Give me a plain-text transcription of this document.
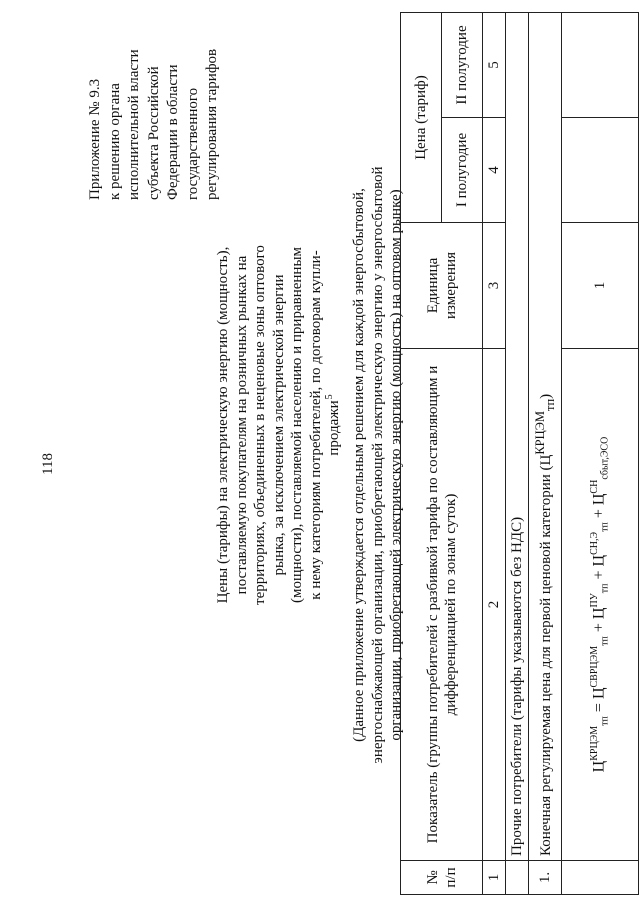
118
Приложение № 9.3
к решению органа
исполнительной власти
субъекта Российской
Федерации в области
государственного
регулирования тарифов
Цены (тарифы) на электрическую энергию (мощность), поставляемую покупателям на розничных рынках на территориях, объединенных в неценовые зоны оптового рынка, за исключением электрической энергии (мощности), поставляемой населению и приравненным к нему категориям потребителей, по договорам купли-продажи$^5$	(Данное приложение утверждается отдельным решением для каждой энергосбытовой, энергоснабжающей организации, приобретающей электрическую энергию у энергосбытовой организации, приобретающей электрическую энергию (мощность) на оптовом рынке)
№ п/п	Показатель (группы потребителей с разбивкой тарифа по составляющим и дифференциацией по зонам суток)	Единица измерения	Цена (тариф)	
			I полугодие	II полугодие
1	2	3	4	5
	Прочие потребители (тарифы указываются без НДС)			
1.	Конечная регулируемая цена для первой ценовой категории $(Ц^{КРЦЭМ}_{тп})$			
	$Ц^{КРЦЭМ}_{тп} = Ц^{СВРЦЭМ}_{тп} + Ц^{ПУ}_{тп} + Ц^{СН,Э}_{тп} + Ц^{СН}_{сбыт,ЭСО}$	1		
